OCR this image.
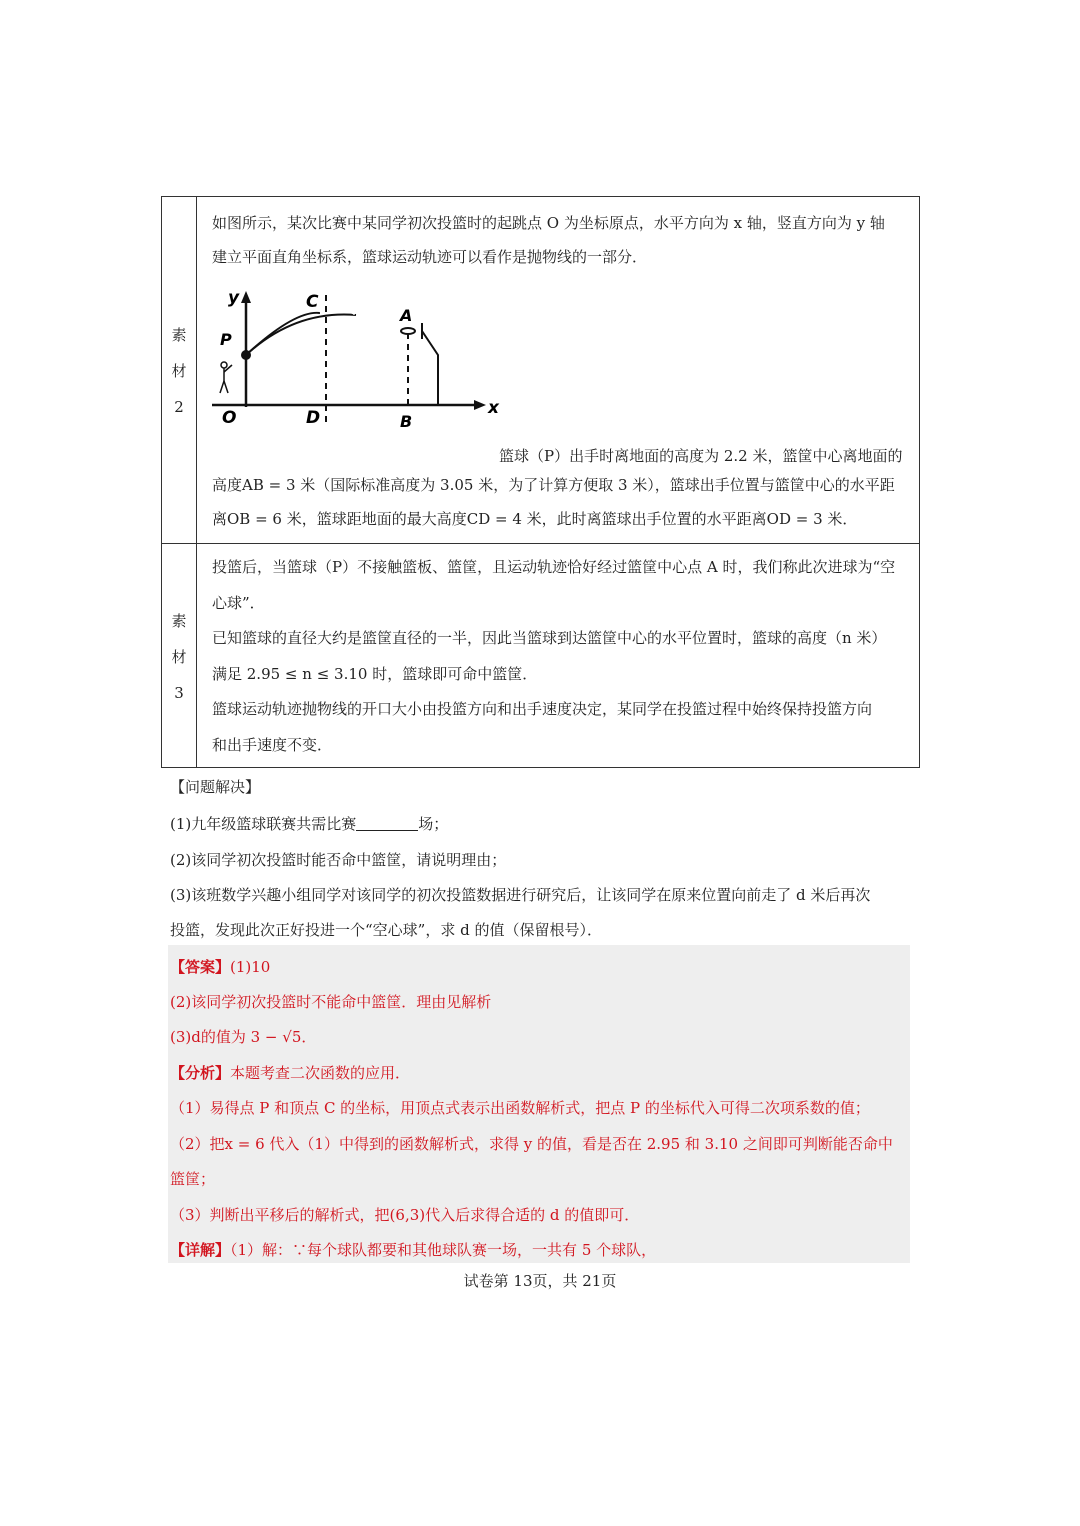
素
材
2
如图所示，某次比赛中某同学初次投篮时的起跳点 O 为坐标原点，水平方向为 x 轴，竖直方向为 y 轴
建立平面直角坐标系，篮球运动轨迹可以看作是抛物线的一部分．
y
P
O
C
D
A
B
x
篮球（P）出手时离地面的高度为 2.2 米，篮筐中心离地面的
高度AB = 3 米（国际标准高度为 3.05 米，为了计算方便取 3 米），篮球出手位置与篮筐中心的水平距
离OB = 6 米，篮球距地面的最大高度CD = 4 米，此时离篮球出手位置的水平距离OD = 3 米．
素
材
3
投篮后，当篮球（P）不接触篮板、篮筐，且运动轨迹恰好经过篮筐中心点 A 时，我们称此次进球为“空
心球”．
已知篮球的直径大约是篮筐直径的一半，因此当篮球到达篮筐中心的水平位置时，篮球的高度（n 米）
满足 2.95 ≤ n ≤ 3.10 时，篮球即可命中篮筐．
篮球运动轨迹抛物线的开口大小由投篮方向和出手速度决定，某同学在投篮过程中始终保持投篮方向
和出手速度不变．
【问题解决】
(1)九年级篮球联赛共需比赛	场；
(2)该同学初次投篮时能否命中篮筐，请说明理由；
(3)该班数学兴趣小组同学对该同学的初次投篮数据进行研究后，让该同学在原来位置向前走了 d 米后再次
投篮，发现此次正好投进一个“空心球”，求 d 的值（保留根号）．
【答案】(1)10
(2)该同学初次投篮时不能命中篮筐．理由见解析
(3)d的值为 3 − √5．
【分析】本题考查二次函数的应用．
（1）易得点 P 和顶点 C 的坐标，用顶点式表示出函数解析式，把点 P 的坐标代入可得二次项系数的值；
（2）把x = 6 代入（1）中得到的函数解析式，求得 y 的值，看是否在 2.95 和 3.10 之间即可判断能否命中
篮筐；
（3）判断出平移后的解析式，把(6,3)代入后求得合适的 d 的值即可．
【详解】（1）解：∵每个球队都要和其他球队赛一场，一共有 5 个球队，
试卷第 13页，共 21页
